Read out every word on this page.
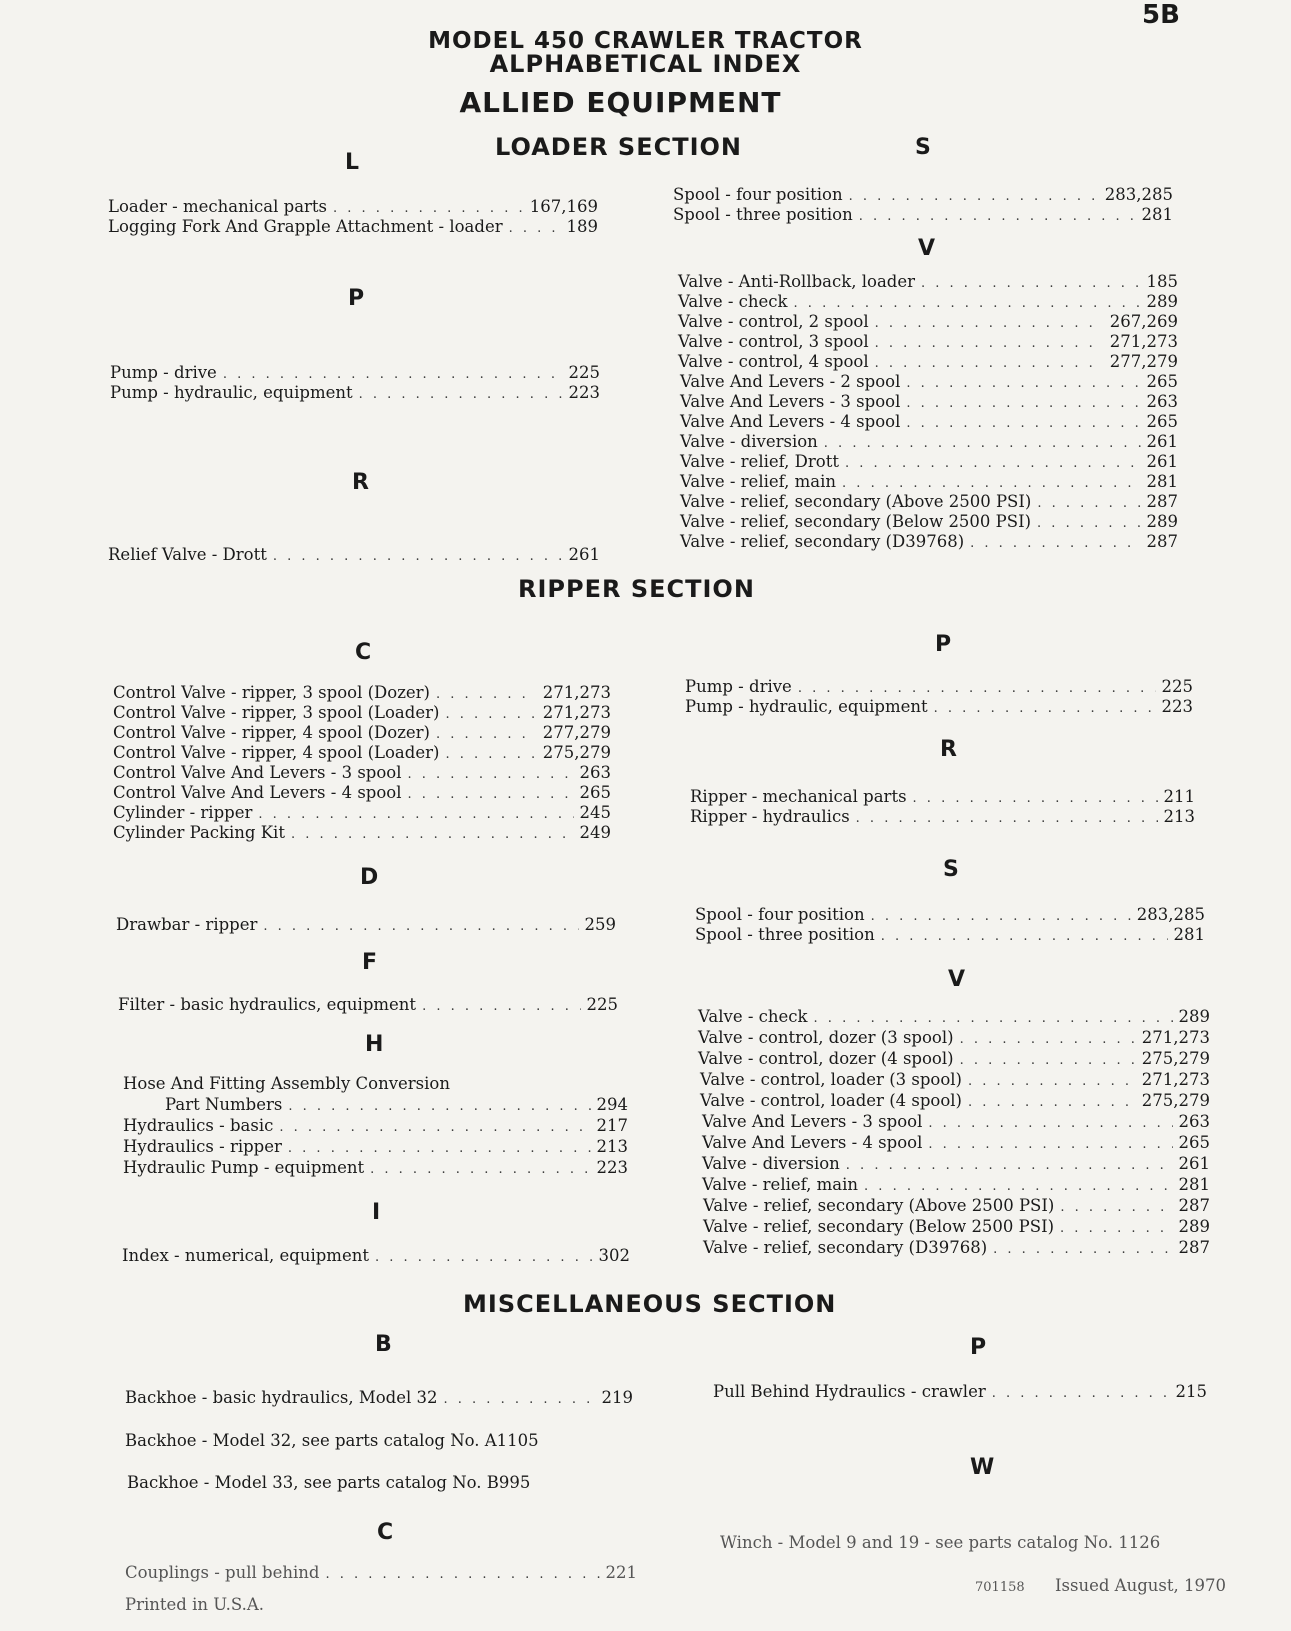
5B
MODEL 450 CRAWLER TRACTOR
ALPHABETICAL INDEX
ALLIED EQUIPMENT
LOADER SECTION
L
Loader - mechanical parts . . .	167,169
Logging Fork And Grapple Attachment - loader . . .	189
P
Pump - drive . . .	225
Pump - hydraulic, equipment . . .	223
R
Relief Valve - Drott . . .	261
S
Spool - four position . . .	283,285
Spool - three position . . .	281
V
Valve - Anti-Rollback, loader . . .	185
Valve - check . . .	289
Valve - control, 2 spool . . .	267,269
Valve - control, 3 spool . . .	271,273
Valve - control, 4 spool . . .	277,279
Valve And Levers - 2 spool . . .	265
Valve And Levers - 3 spool . . .	263
Valve And Levers - 4 spool . . .	265
Valve - diversion . . .	261
Valve - relief, Drott . . .	261
Valve - relief, main . . .	281
Valve - relief, secondary (Above 2500 PSI) . . .	287
Valve - relief, secondary (Below 2500 PSI) . . .	289
Valve - relief, secondary (D39768) . . .	287
RIPPER SECTION
C
Control Valve - ripper, 3 spool (Dozer) . . .	271,273
Control Valve - ripper, 3 spool (Loader) . . .	271,273
Control Valve - ripper, 4 spool (Dozer) . . .	277,279
Control Valve - ripper, 4 spool (Loader) . . .	275,279
Control Valve And Levers - 3 spool . . .	263
Control Valve And Levers - 4 spool . . .	265
Cylinder - ripper . . .	245
Cylinder Packing Kit . . .	249
D
Drawbar - ripper . . .	259
F
Filter - basic hydraulics, equipment . . .	225
H
Hose And Fitting Assembly Conversion
Part Numbers . . .	294
Hydraulics - basic . . .	217
Hydraulics - ripper . . .	213
Hydraulic Pump - equipment . . .	223
I
Index - numerical, equipment . . .	302
P
Pump - drive . . .	225
Pump - hydraulic, equipment . . .	223
R
Ripper - mechanical parts . . .	211
Ripper - hydraulics . . .	213
S
Spool - four position . . .	283,285
Spool - three position . . .	281
V
Valve - check . . .	289
Valve - control, dozer (3 spool) . . .	271,273
Valve - control, dozer (4 spool) . . .	275,279
Valve - control, loader (3 spool) . . .	271,273
Valve - control, loader (4 spool) . . .	275,279
Valve And Levers - 3 spool . . .	263
Valve And Levers - 4 spool . . .	265
Valve - diversion . . .	261
Valve - relief, main . . .	281
Valve - relief, secondary (Above 2500 PSI) . . .	287
Valve - relief, secondary (Below 2500 PSI) . . .	289
Valve - relief, secondary (D39768) . . .	287
MISCELLANEOUS SECTION
B
Backhoe - basic hydraulics, Model 32 . . .	219
Backhoe - Model 32, see parts catalog No. A1105
Backhoe - Model 33, see parts catalog No. B995
C
Couplings - pull behind . . .	221
P
Pull Behind Hydraulics - crawler . . .	215
W
Winch - Model 9 and 19 - see parts catalog No. 1126
Printed in U.S.A.
701158 Issued August, 1970
